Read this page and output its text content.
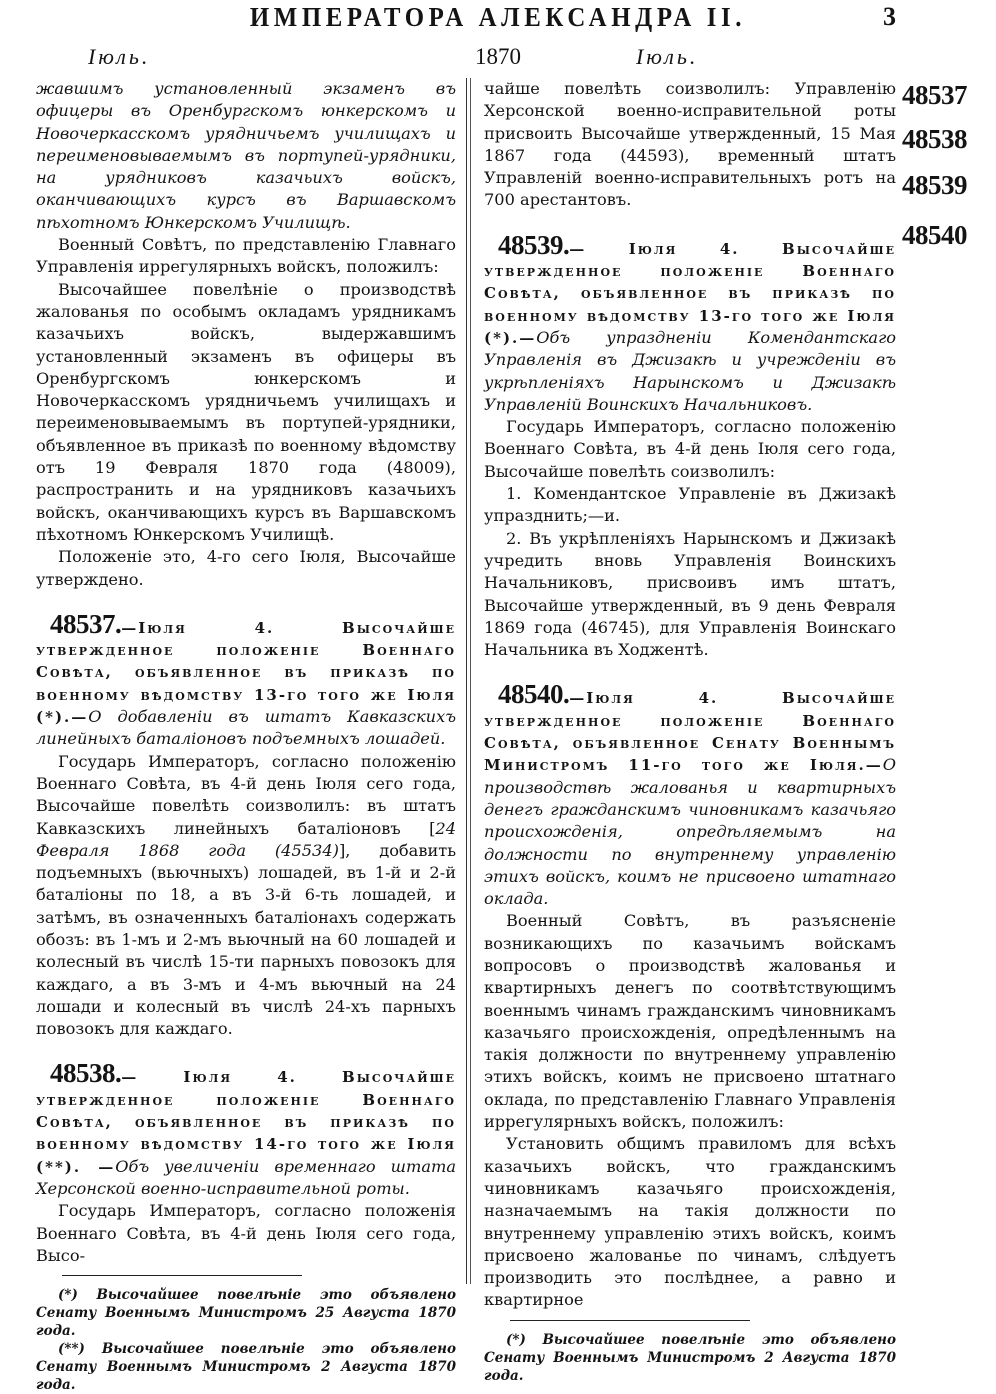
ИМПЕРАТОРА АЛЕКСАНДРА II.	3
Іюль.	1870	Іюль.

жавшимъ установленный экзаменъ въ офицеры въ Оренбургскомъ юнкерскомъ и Новочеркасскомъ урядничьемъ училищахъ и переименовываемымъ въ портупей-урядники, на урядниковъ казачьихъ войскъ, оканчивающихъ курсъ въ Варшавскомъ пѣхотномъ Юнкерскомъ Училищѣ.

Военный Совѣтъ, по представленію Главнаго Управленія иррегулярныхъ войскъ, положилъ:

Высочайшее повелѣніе о производствѣ жалованья по особымъ окладамъ урядникамъ казачьихъ войскъ, выдержавшимъ установленный экзаменъ въ офицеры въ Оренбургскомъ юнкерскомъ и Новочеркасскомъ урядничьемъ училищахъ и переименовываемымъ въ портупей-урядники, объявленное въ приказѣ по военному вѣдомству отъ 19 Февраля 1870 года (48009), распространить и на урядниковъ казачьихъ войскъ, оканчивающихъ курсъ въ Варшавскомъ пѣхотномъ Юнкерскомъ Училищѣ.

Положеніе это, 4-го сего Іюля, Высочайше утверждено.

48537.—Іюля 4. Высочайше утвержденное положеніе Военнаго Совѣта, объявленное въ приказѣ по военному вѣдомству 13-го того же Іюля (*).—О добавленіи въ штатъ Кавказскихъ линейныхъ баталіоновъ подъемныхъ лошадей.

Государь Императоръ, согласно положенію Военнаго Совѣта, въ 4-й день Іюля сего года, Высочайше повелѣть соизволилъ: въ штатъ Кавказскихъ линейныхъ баталіоновъ [24 Февраля 1868 года (45534)], добавить подъемныхъ (вьючныхъ) лошадей, въ 1-й и 2-й баталіоны по 18, а въ 3-й 6-ть лошадей, и затѣмъ, въ означенныхъ баталіонахъ содержать обозъ: въ 1-мъ и 2-мъ вьючный на 60 лошадей и колесный въ числѣ 15-ти парныхъ повозокъ для каждаго, а въ 3-мъ и 4-мъ вьючный на 24 лошади и колесный въ числѣ 24-хъ парныхъ повозокъ для каждаго.

48538.— Іюля 4. Высочайше утвержденное положеніе Военнаго Совѣта, объявленное въ приказѣ по военному вѣдомству 14-го того же Іюля (**). —Объ увеличеніи временнаго штата Херсонской военно-исправительной роты.

Государь Императоръ, согласно положенія Военнаго Совѣта, въ 4-й день Іюля сего года, Высо-

(*) Высочайшее повелѣніе это объявлено Сенату Военнымъ Министромъ 25 Августа 1870 года.

(**) Высочайшее повелѣніе это объявлено Сенату Военнымъ Министромъ 2 Августа 1870 года.

чайше повелѣть соизволилъ: Управленію Херсонской военно-исправительной роты присвоить Высочайше утвержденный, 15 Мая 1867 года (44593), временный штатъ Управленій военно-исправительныхъ ротъ на 700 арестантовъ.

48539.— Іюля 4. Высочайше утвержденное положеніе Военнаго Совѣта, объявленное въ приказѣ по военному вѣдомству 13-го того же Іюля (*).—Объ упраздненіи Комендантскаго Управленія въ Джизакѣ и учрежденіи въ укрѣпленіяхъ Нарынскомъ и Джизакѣ Управленій Воинскихъ Начальниковъ.

Государь Императоръ, согласно положенію Военнаго Совѣта, въ 4-й день Іюля сего года, Высочайше повелѣть соизволилъ:

1. Комендантское Управленіе въ Джизакѣ упразднить;—и.

2. Въ укрѣпленіяхъ Нарынскомъ и Джизакѣ учредить вновь Управленія Воинскихъ Начальниковъ, присвоивъ имъ штатъ, Высочайше утвержденный, въ 9 день Февраля 1869 года (46745), для Управленія Воинскаго Начальника въ Ходжентѣ.

48540.—Іюля 4. Высочайше утвержденное положеніе Военнаго Совѣта, объявленное Сенату Военнымъ Министромъ 11-го того же Іюля.—О производствѣ жалованья и квартирныхъ денегъ гражданскимъ чиновникамъ казачьяго происхожденія, опредѣляемымъ на должности по внутреннему управленію этихъ войскъ, коимъ не присвоено штатнаго оклада.

Военный Совѣтъ, въ разъясненіе возникающихъ по казачьимъ войскамъ вопросовъ о производствѣ жалованья и квартирныхъ денегъ по соотвѣтствующимъ военнымъ чинамъ гражданскимъ чиновникамъ казачьяго происхожденія, опредѣленнымъ на такія должности по внутреннему управленію этихъ войскъ, коимъ не присвоено штатнаго оклада, по представленію Главнаго Управленія иррегулярныхъ войскъ, положилъ:

Установить общимъ правиломъ для всѣхъ казачьихъ войскъ, что гражданскимъ чиновникамъ казачьяго происхожденія, назначаемымъ на такія должности по внутреннему управленію этихъ войскъ, коимъ присвоено жалованье по чинамъ, слѣдуетъ производить это послѣднее, а равно и квартирное

(*) Высочайшее повелѣніе это объявлено Сенату Военнымъ Министромъ 2 Августа 1870 года.

48537
48538
48539
48540
